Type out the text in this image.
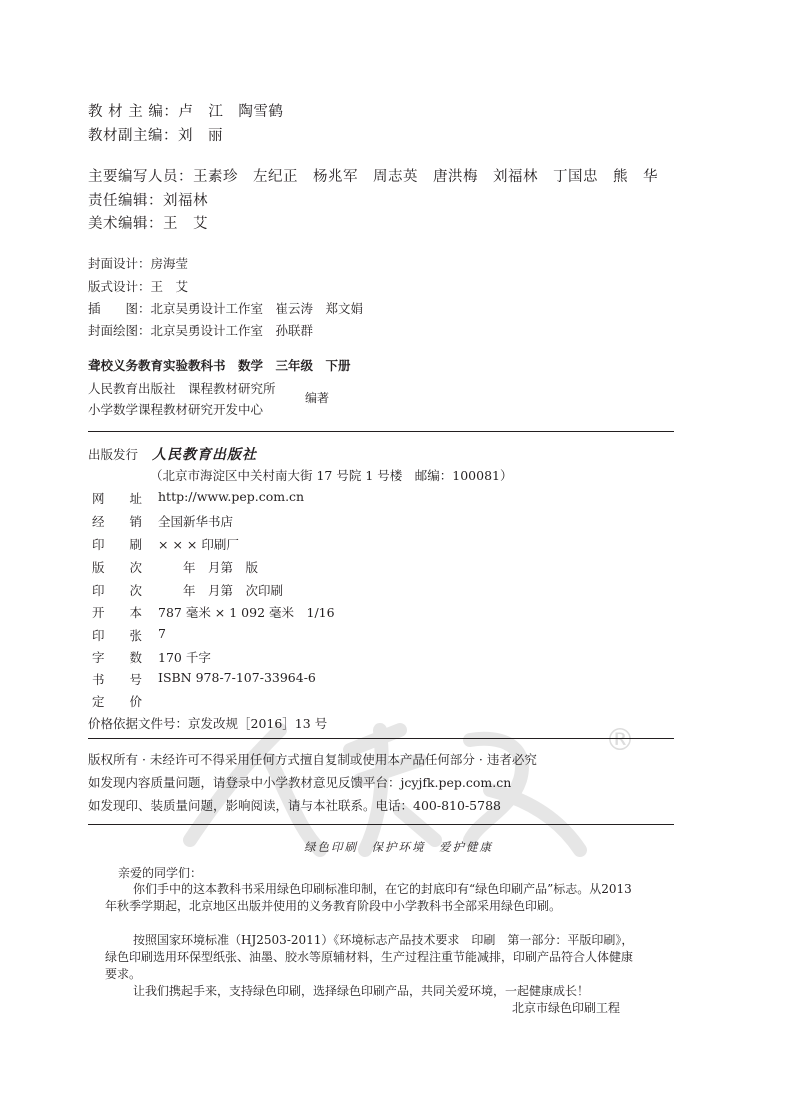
®
教 材 主 编：卢　江　陶雪鹤
教材副主编：刘　丽
主要编写人员：王素珍　左纪正　杨兆军　周志英　唐洪梅　刘福林　丁国忠　熊　华
责任编辑：刘福林
美术编辑：王　艾
封面设计：房海莹
版式设计：王　艾
插　　图：北京吴勇设计工作室　崔云涛　郑文娟
封面绘图：北京吴勇设计工作室　孙联群
聋校义务教育实验教科书　数学　三年级　下册
人民教育出版社　课程教材研究所
小学数学课程教材研究开发中心
编著
出版发行 人民教育出版社
（北京市海淀区中关村南大街 17 号院 1 号楼　邮编：100081）
网　　址 http://www.pep.com.cn
经　　销 全国新华书店
印　　刷 × × × 印刷厂
版　　次 　　年　月第　版
印　　次 　　年　月第　次印刷
开　　本 787 毫米 × 1 092 毫米　1/16
印　　张 7
字　　数 170 千字
书　　号 ISBN 978-7-107-33964-6
定　　价
价格依据文件号：京发改规［2016］13 号
版权所有 · 未经许可不得采用任何方式擅自复制或使用本产品任何部分 · 违者必究
如发现内容质量问题，请登录中小学教材意见反馈平台：jcyjfk.pep.com.cn
如发现印、装质量问题，影响阅读，请与本社联系。电话：400-810-5788
绿色印刷　保护环境　爱护健康
亲爱的同学们：
你们手中的这本教科书采用绿色印刷标准印制，在它的封底印有“绿色印刷产品”标志。从2013年秋季学期起，北京地区出版并使用的义务教育阶段中小学教科书全部采用绿色印刷。
按照国家环境标准（HJ2503-2011）《环境标志产品技术要求　印刷　第一部分：平版印刷》，绿色印刷选用环保型纸张、油墨、胶水等原辅材料，生产过程注重节能减排，印刷产品符合人体健康要求。
让我们携起手来，支持绿色印刷，选择绿色印刷产品，共同关爱环境，一起健康成长！
北京市绿色印刷工程
